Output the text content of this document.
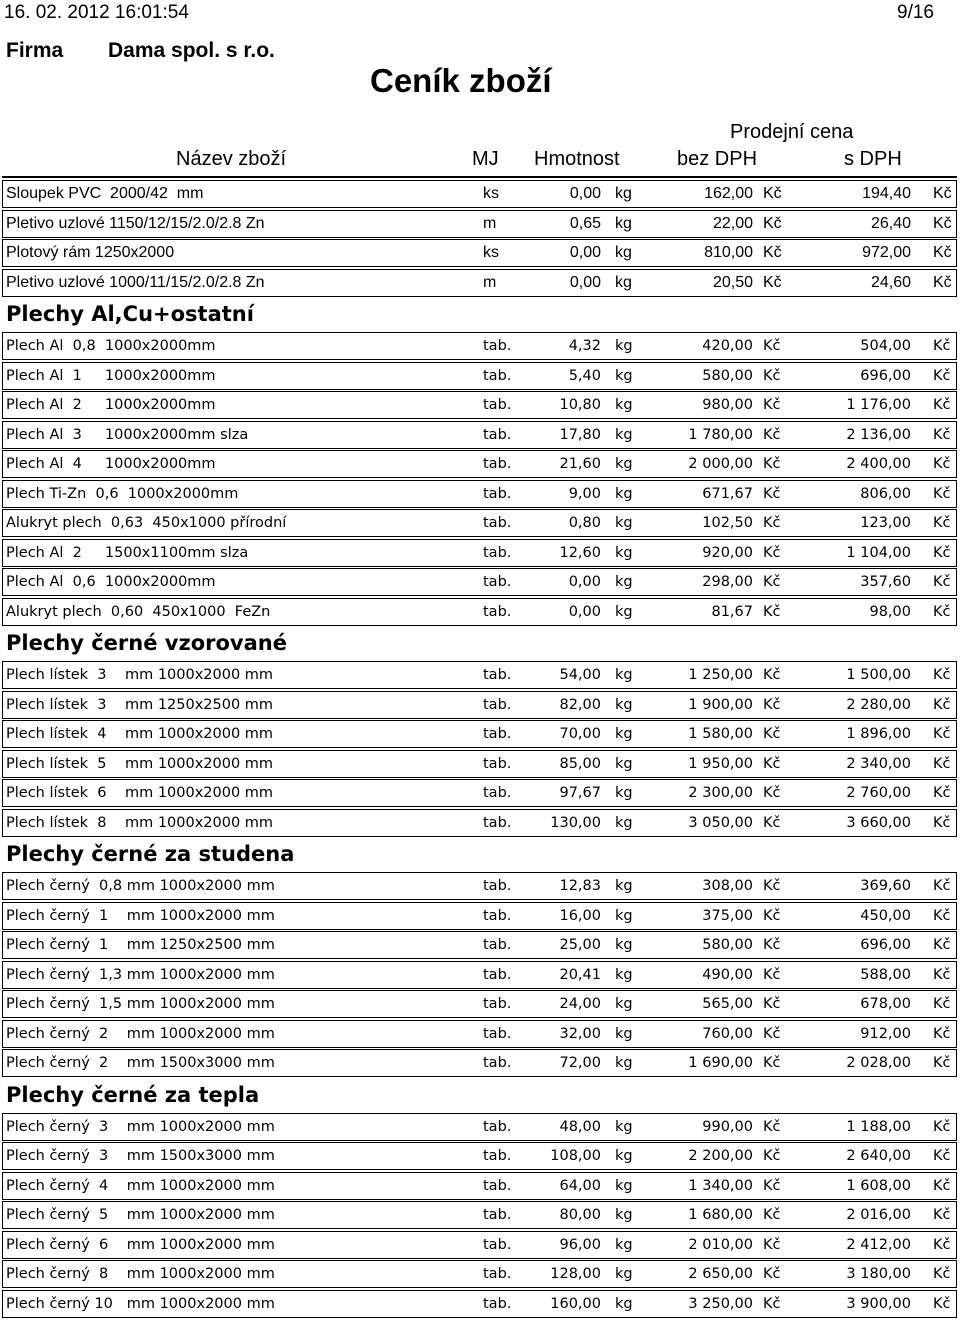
16. 02. 2012 16:01:54	9/16
Firma Dama spol. s r.o.
Ceník zboží
Prodejní cena
Název zboží	MJ Hmotnost	bez DPH	s DPH
Sloupek PVC  2000/42  mm	ks	0,00 kg	162,00 Kč	194,40 Kč
Pletivo uzlové 1150/12/15/2.0/2.8 Zn	m	0,65 kg	22,00 Kč	26,40 Kč
Plotový rám 1250x2000	ks	0,00 kg	810,00 Kč	972,00 Kč
Pletivo uzlové 1000/11/15/2.0/2.8 Zn	m	0,00 kg	20,50 Kč	24,60 Kč
Plechy Al,Cu+ostatní
Plech Al  0,8  1000x2000mm	tab.	4,32 kg	420,00 Kč	504,00 Kč
Plech Al  1     1000x2000mm	tab.	5,40 kg	580,00 Kč	696,00 Kč
Plech Al  2     1000x2000mm	tab.	10,80 kg	980,00 Kč	1 176,00 Kč
Plech Al  3     1000x2000mm slza	tab.	17,80 kg	1 780,00 Kč	2 136,00 Kč
Plech Al  4     1000x2000mm	tab.	21,60 kg	2 000,00 Kč	2 400,00 Kč
Plech Ti-Zn  0,6  1000x2000mm	tab.	9,00 kg	671,67 Kč	806,00 Kč
Alukryt plech  0,63  450x1000 přírodní	tab.	0,80 kg	102,50 Kč	123,00 Kč
Plech Al  2     1500x1100mm slza	tab.	12,60 kg	920,00 Kč	1 104,00 Kč
Plech Al  0,6  1000x2000mm	tab.	0,00 kg	298,00 Kč	357,60 Kč
Alukryt plech  0,60  450x1000  FeZn	tab.	0,00 kg	81,67 Kč	98,00 Kč
Plechy černé vzorované
Plech lístek  3    mm 1000x2000 mm	tab.	54,00 kg	1 250,00 Kč	1 500,00 Kč
Plech lístek  3    mm 1250x2500 mm	tab.	82,00 kg	1 900,00 Kč	2 280,00 Kč
Plech lístek  4    mm 1000x2000 mm	tab.	70,00 kg	1 580,00 Kč	1 896,00 Kč
Plech lístek  5    mm 1000x2000 mm	tab.	85,00 kg	1 950,00 Kč	2 340,00 Kč
Plech lístek  6    mm 1000x2000 mm	tab.	97,67 kg	2 300,00 Kč	2 760,00 Kč
Plech lístek  8    mm 1000x2000 mm	tab.	130,00 kg	3 050,00 Kč	3 660,00 Kč
Plechy černé za studena
Plech černý  0,8 mm 1000x2000 mm	tab.	12,83 kg	308,00 Kč	369,60 Kč
Plech černý  1    mm 1000x2000 mm	tab.	16,00 kg	375,00 Kč	450,00 Kč
Plech černý  1    mm 1250x2500 mm	tab.	25,00 kg	580,00 Kč	696,00 Kč
Plech černý  1,3 mm 1000x2000 mm	tab.	20,41 kg	490,00 Kč	588,00 Kč
Plech černý  1,5 mm 1000x2000 mm	tab.	24,00 kg	565,00 Kč	678,00 Kč
Plech černý  2    mm 1000x2000 mm	tab.	32,00 kg	760,00 Kč	912,00 Kč
Plech černý  2    mm 1500x3000 mm	tab.	72,00 kg	1 690,00 Kč	2 028,00 Kč
Plechy černé za tepla
Plech černý  3    mm 1000x2000 mm	tab.	48,00 kg	990,00 Kč	1 188,00 Kč
Plech černý  3    mm 1500x3000 mm	tab.	108,00 kg	2 200,00 Kč	2 640,00 Kč
Plech černý  4    mm 1000x2000 mm	tab.	64,00 kg	1 340,00 Kč	1 608,00 Kč
Plech černý  5    mm 1000x2000 mm	tab.	80,00 kg	1 680,00 Kč	2 016,00 Kč
Plech černý  6    mm 1000x2000 mm	tab.	96,00 kg	2 010,00 Kč	2 412,00 Kč
Plech černý  8    mm 1000x2000 mm	tab.	128,00 kg	2 650,00 Kč	3 180,00 Kč
Plech černý 10   mm 1000x2000 mm	tab.	160,00 kg	3 250,00 Kč	3 900,00 Kč
